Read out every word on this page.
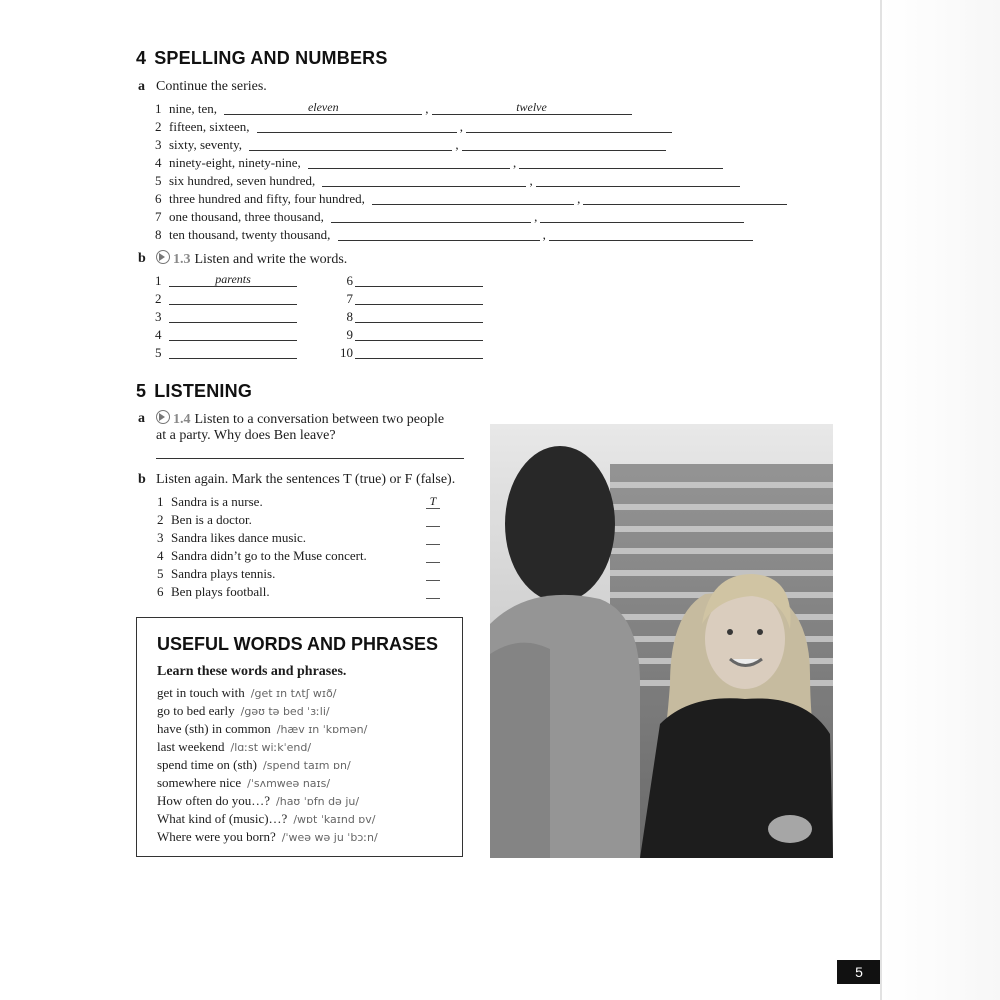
4 SPELLING AND NUMBERS
a Continue the series.
1 nine, ten,	eleven	,	twelve
2 fifteen, sixteen,	,
3 sixty, seventy,	,
4 ninety-eight, ninety-nine,	,
5 six hundred, seven hundred,	,
6 three hundred and fifty, four hundred,	,
7 one thousand, three thousand,	,
8 ten thousand, twenty thousand,	,
b	1.3 Listen and write the words.
1	parents
2
3
4
5
6
7
8
9
10
5 LISTENING
a	1.4 Listen to a conversation between two people
at a party. Why does Ben leave?
b Listen again. Mark the sentences T (true) or F (false).
1 Sandra is a nurse.	T
2 Ben is a doctor.
3 Sandra likes dance music.
4 Sandra didn’t go to the Muse concert.
5 Sandra plays tennis.
6 Ben plays football.
USEFUL WORDS AND PHRASES
Learn these words and phrases.
get in touch with /get ɪn tʌtʃ wɪð/
go to bed early /gəʊ tə bed ˈɜːli/
have (sth) in common /hæv ɪn ˈkɒmən/
last weekend /lɑːst wiːkˈend/
spend time on (sth) /spend taɪm ɒn/
somewhere nice /ˈsʌmweə naɪs/
How often do you…? /haʊ ˈɒfn də ju/
What kind of (music)…? /wɒt ˈkaɪnd ɒv/
Where were you born? /ˈweə wə ju ˈbɔːn/
5
